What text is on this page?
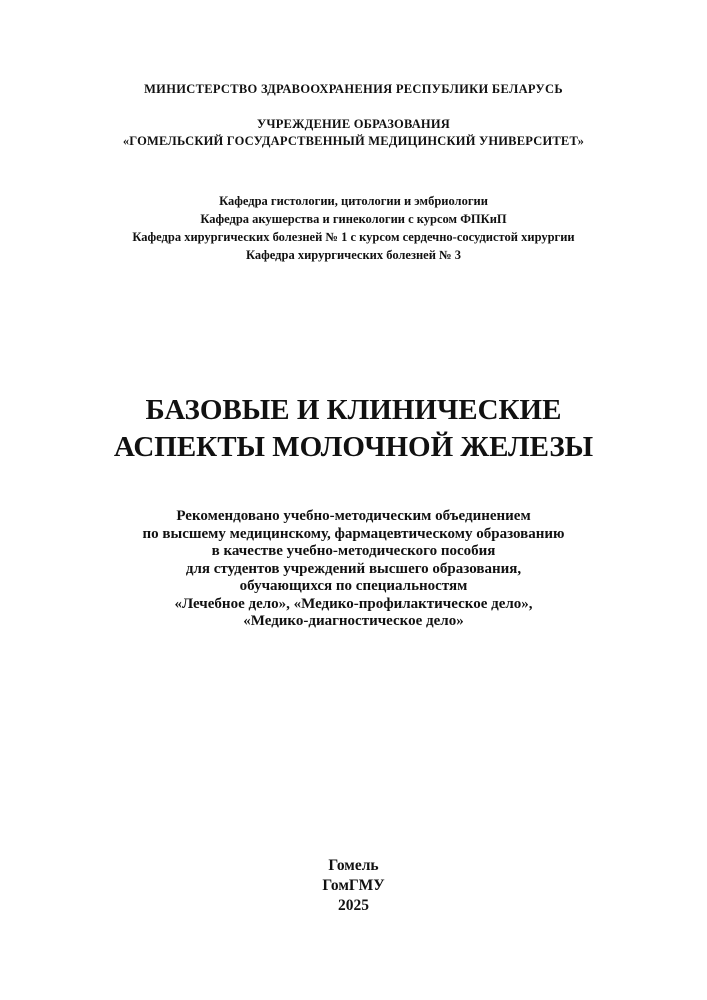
МИНИСТЕРСТВО ЗДРАВООХРАНЕНИЯ РЕСПУБЛИКИ БЕЛАРУСЬ
УЧРЕЖДЕНИЕ ОБРАЗОВАНИЯ
«ГОМЕЛЬСКИЙ ГОСУДАРСТВЕННЫЙ МЕДИЦИНСКИЙ УНИВЕРСИТЕТ»
Кафедра гистологии, цитологии и эмбриологии
Кафедра акушерства и гинекологии с курсом ФПКиП
Кафедра хирургических болезней № 1 с курсом сердечно-сосудистой хирургии
Кафедра хирургических болезней № 3
БАЗОВЫЕ И КЛИНИЧЕСКИЕ
АСПЕКТЫ МОЛОЧНОЙ ЖЕЛЕЗЫ
Рекомендовано учебно-методическим объединением
по высшему медицинскому, фармацевтическому образованию
в качестве учебно-методического пособия
для студентов учреждений высшего образования,
обучающихся по специальностям
«Лечебное дело», «Медико-профилактическое дело»,
«Медико-диагностическое дело»
Гомель
ГомГМУ
2025
